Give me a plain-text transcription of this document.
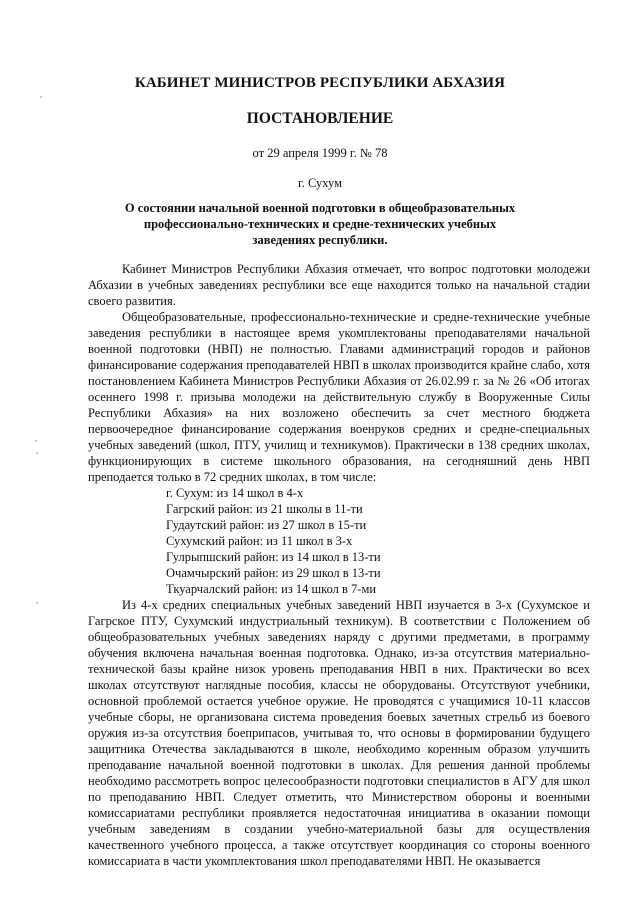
КАБИНЕТ МИНИСТРОВ РЕСПУБЛИКИ АБХАЗИЯ
ПОСТАНОВЛЕНИЕ
от 29 апреля 1999 г. № 78
г. Сухум
О состоянии начальной военной подготовки в общеобразовательных
профессионально-технических и средне-технических учебных
заведениях республики.

Кабинет Министров Республики Абхазия отмечает, что вопрос подготовки молодежи Абхазии в учебных заведениях республики все еще находится только на начальной стадии своего развития.

Общеобразовательные, профессионально-технические и средне-технические учебные заведения республики в настоящее время укомплектованы преподавателями начальной военной подготовки (НВП) не полностью. Главами администраций городов и районов финансирование содержания преподавателей НВП в школах производится крайне слабо, хотя постановлением Кабинета Министров Республики Абхазия от 26.02.99 г. за № 26 «Об итогах осеннего 1998 г. призыва молодежи на действительную службу в Вооруженные Силы Республики Абхазия» на них возложено обеспечить за счет местного бюджета первоочередное финансирование содержания военруков средних и средне-специальных учебных заведений (школ, ПТУ, училищ и техникумов). Практически в 138 средних школах, функционирующих в системе школьного образования, на сегодняшний день НВП преподается только в 72 средних школах, в том числе:

г. Сухум: из 14 школ в 4-х
Гагрский район: из 21 школы в 11-ти
Гудаутский район: из 27 школ в 15-ти
Сухумский район: из 11 школ в 3-х
Гулрыпшский район: из 14 школ в 13-ти
Очамчырский район: из 29 школ в 13-ти
Ткуарчалский район: из 14 школ в 7-ми

Из 4-х средних специальных учебных заведений НВП изучается в 3-х (Сухумское и Гагрское ПТУ, Сухумский индустриальный техникум). В соответствии с Положением об общеобразовательных учебных заведениях наряду с другими предметами, в программу обучения включена начальная военная подготовка. Однако, из-за отсутствия материально-технической базы крайне низок уровень преподавания НВП в них. Практически во всех школах отсутствуют наглядные пособия, классы не оборудованы. Отсутствуют учебники, основной проблемой остается учебное оружие. Не проводятся с учащимися 10-11 классов учебные сборы, не организована система проведения боевых зачетных стрельб из боевого оружия из-за отсутствия боеприпасов, учитывая то, что основы в формировании будущего защитника Отечества закладываются в школе, необходимо коренным образом улучшить преподавание начальной военной подготовки в школах. Для решения данной проблемы необходимо рассмотреть вопрос целесообразности подготовки специалистов в АГУ для школ по преподаванию НВП. Следует отметить, что Министерством обороны и военными комиссариатами республики проявляется недостаточная инициатива в оказании помощи учебным заведениям в создании учебно-материальной базы для осуществления качественного учебного процесса, а также отсутствует координация со стороны военного комиссариата в части укомплектования школ преподавателями НВП. Не оказывается
